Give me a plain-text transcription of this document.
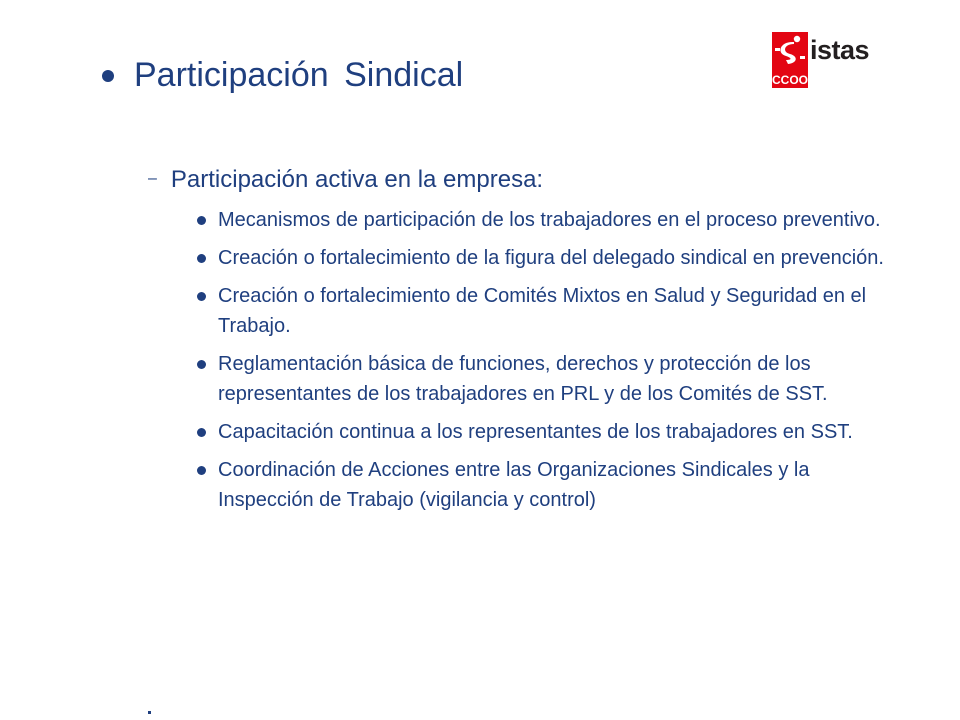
CCOO
istas
Participación Sindical
– Participación activa en la empresa:
Mecanismos de participación de los trabajadores en el proceso preventivo.
Creación o fortalecimiento de la figura del delegado sindical en prevención.
Creación o fortalecimiento de Comités Mixtos en Salud y Seguridad en el Trabajo.
Reglamentación básica de funciones, derechos y protección de los representantes de los trabajadores en PRL y de los Comités de SST.
Capacitación continua a los representantes de los trabajadores en SST.
Coordinación de Acciones entre las Organizaciones Sindicales y la Inspección de Trabajo (vigilancia y control)
